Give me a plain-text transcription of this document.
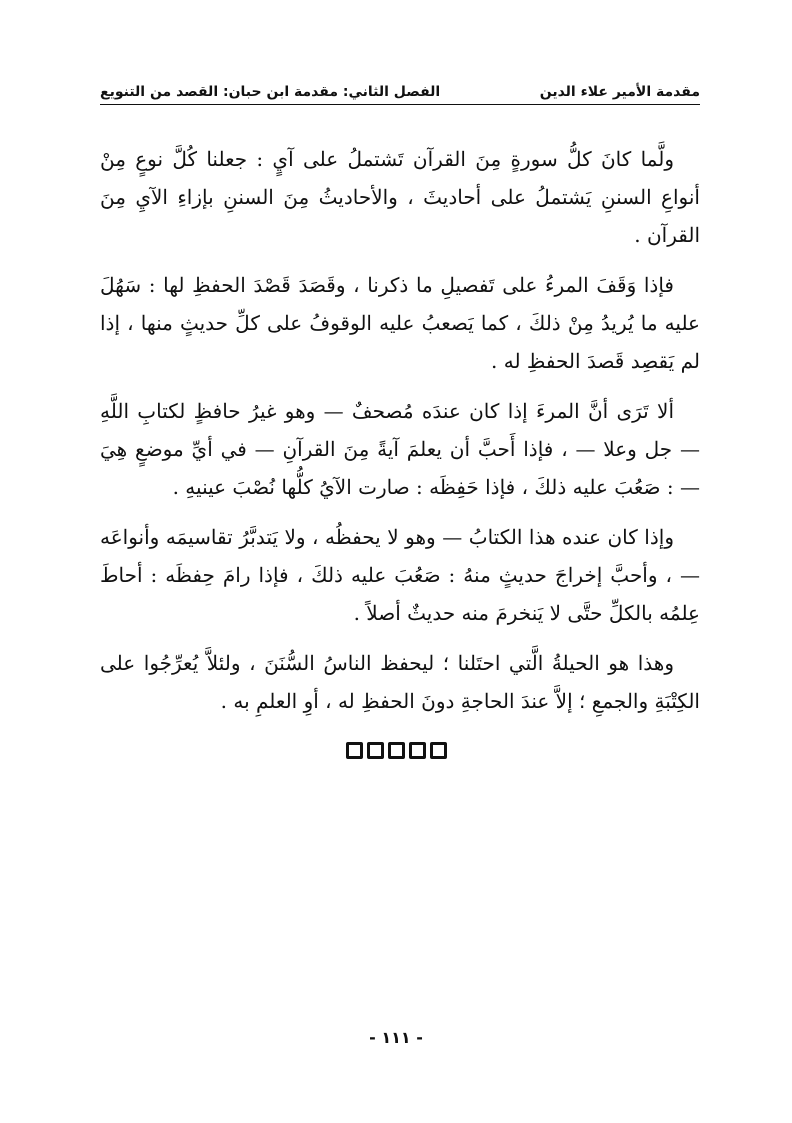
مقدمة الأمير علاء الدين
الفصل الثاني: مقدمة ابن حبان: القصد من التنويع

ولَّما كانَ كلُّ سورةٍ مِنَ القرآن تَشتملُ على آيٍ : جعلنا كُلَّ نوعٍ مِنْ أنواعِ السننِ يَشتملُ على أحاديثَ ، والأحاديثُ مِنَ السننِ بإزاءِ الآيِ مِنَ القرآن .

فإذا وَقَفَ المرءُ على تَفصيلِ ما ذكرنا ، وقَصَدَ قَصْدَ الحفظِ لها : سَهُلَ عليه ما يُريدُ مِنْ ذلكَ ، كما يَصعبُ عليه الوقوفُ على كلِّ حديثٍ منها ، إذا لم يَقصِد قَصدَ الحفظِ له .

ألا تَرَى أنَّ المرءَ إذا كان عندَه مُصحفٌ — وهو غيرُ حافظٍ لكتابِ اللَّهِ — جل وعلا — ، فإذا أَحبَّ أن يعلمَ آيةً مِنَ القرآنِ — في أيِّ موضعٍ هِيَ — : صَعُبَ عليه ذلكَ ، فإذا حَفِظَه : صارت الآيُ كلُّها نُصْبَ عينيهِ .

وإذا كان عنده هذا الكتابُ — وهو لا يحفظُه ، ولا يَتدبَّرُ تقاسيمَه وأنواعَه — ، وأحبَّ إخراجَ حديثٍ منهُ : صَعُبَ عليه ذلكَ ، فإذا رامَ حِفظَه : أحاطَ عِلمُه بالكلِّ حتَّى لا يَنخرمَ منه حديثٌ أصلاً .

وهذا هو الحيلةُ الَّتي احتَلنا ؛ ليحفظ الناسُ السُّنَنَ ، ولئلاَّ يُعرِّجُوا على الكِتْبَةِ والجمعِ ؛ إلاَّ عندَ الحاجةِ دونَ الحفظِ له ، أوِ العلمِ به .

- ١١١ -
